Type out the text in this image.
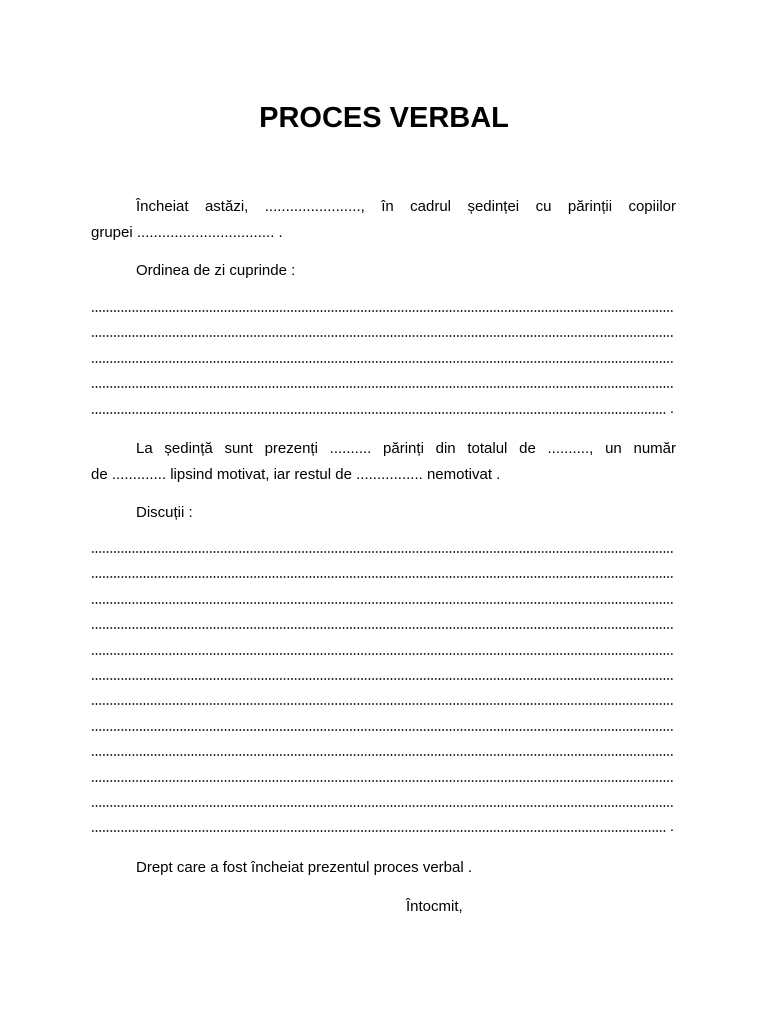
PROCES VERBAL
Încheiat astăzi, ......................., în cadrul ședinței cu părinții copiilor
grupei ................................. .

Ordinea de zi cuprinde :

.
La ședință sunt prezenți .......... părinți din totalul de .........., un număr
de ............. lipsind motivat, iar restul de ................ nemotivat .

Discuții :

.

Drept care a fost încheiat prezentul proces verbal .

Întocmit,
